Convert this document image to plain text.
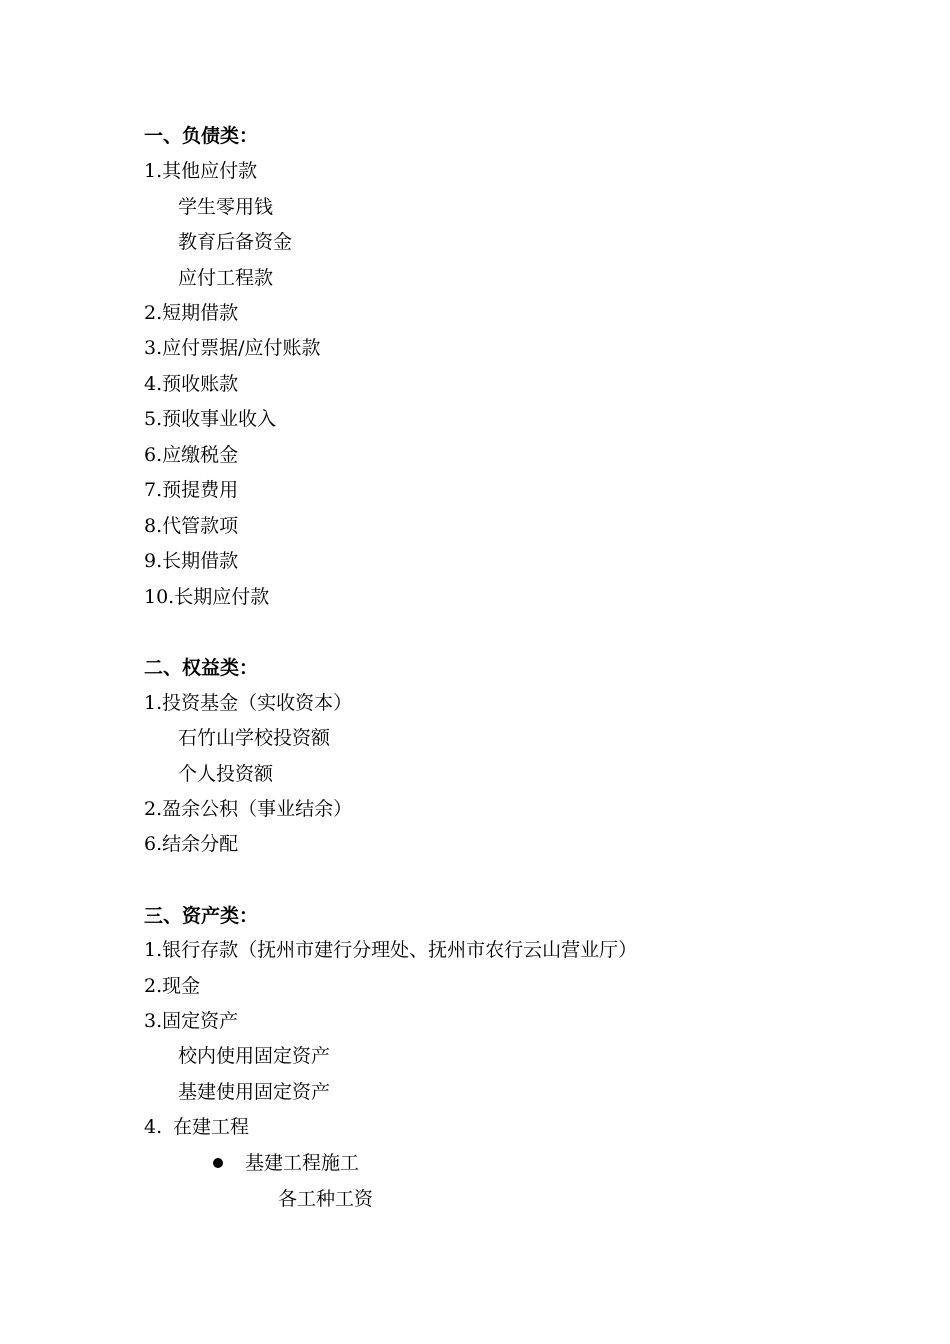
一、负债类：
1.其他应付款
学生零用钱
教育后备资金
应付工程款
2.短期借款
3.应付票据/应付账款
4.预收账款
5.预收事业收入
6.应缴税金
7.预提费用
8.代管款项
9.长期借款
10.长期应付款
二、权益类：
1.投资基金（实收资本）
石竹山学校投资额
个人投资额
2.盈余公积（事业结余）
6.结余分配
三、资产类：
1.银行存款（抚州市建行分理处、抚州市农行云山营业厅）
2.现金
3.固定资产
校内使用固定资产
基建使用固定资产
4. 在建工程
基建工程施工
各工种工资
